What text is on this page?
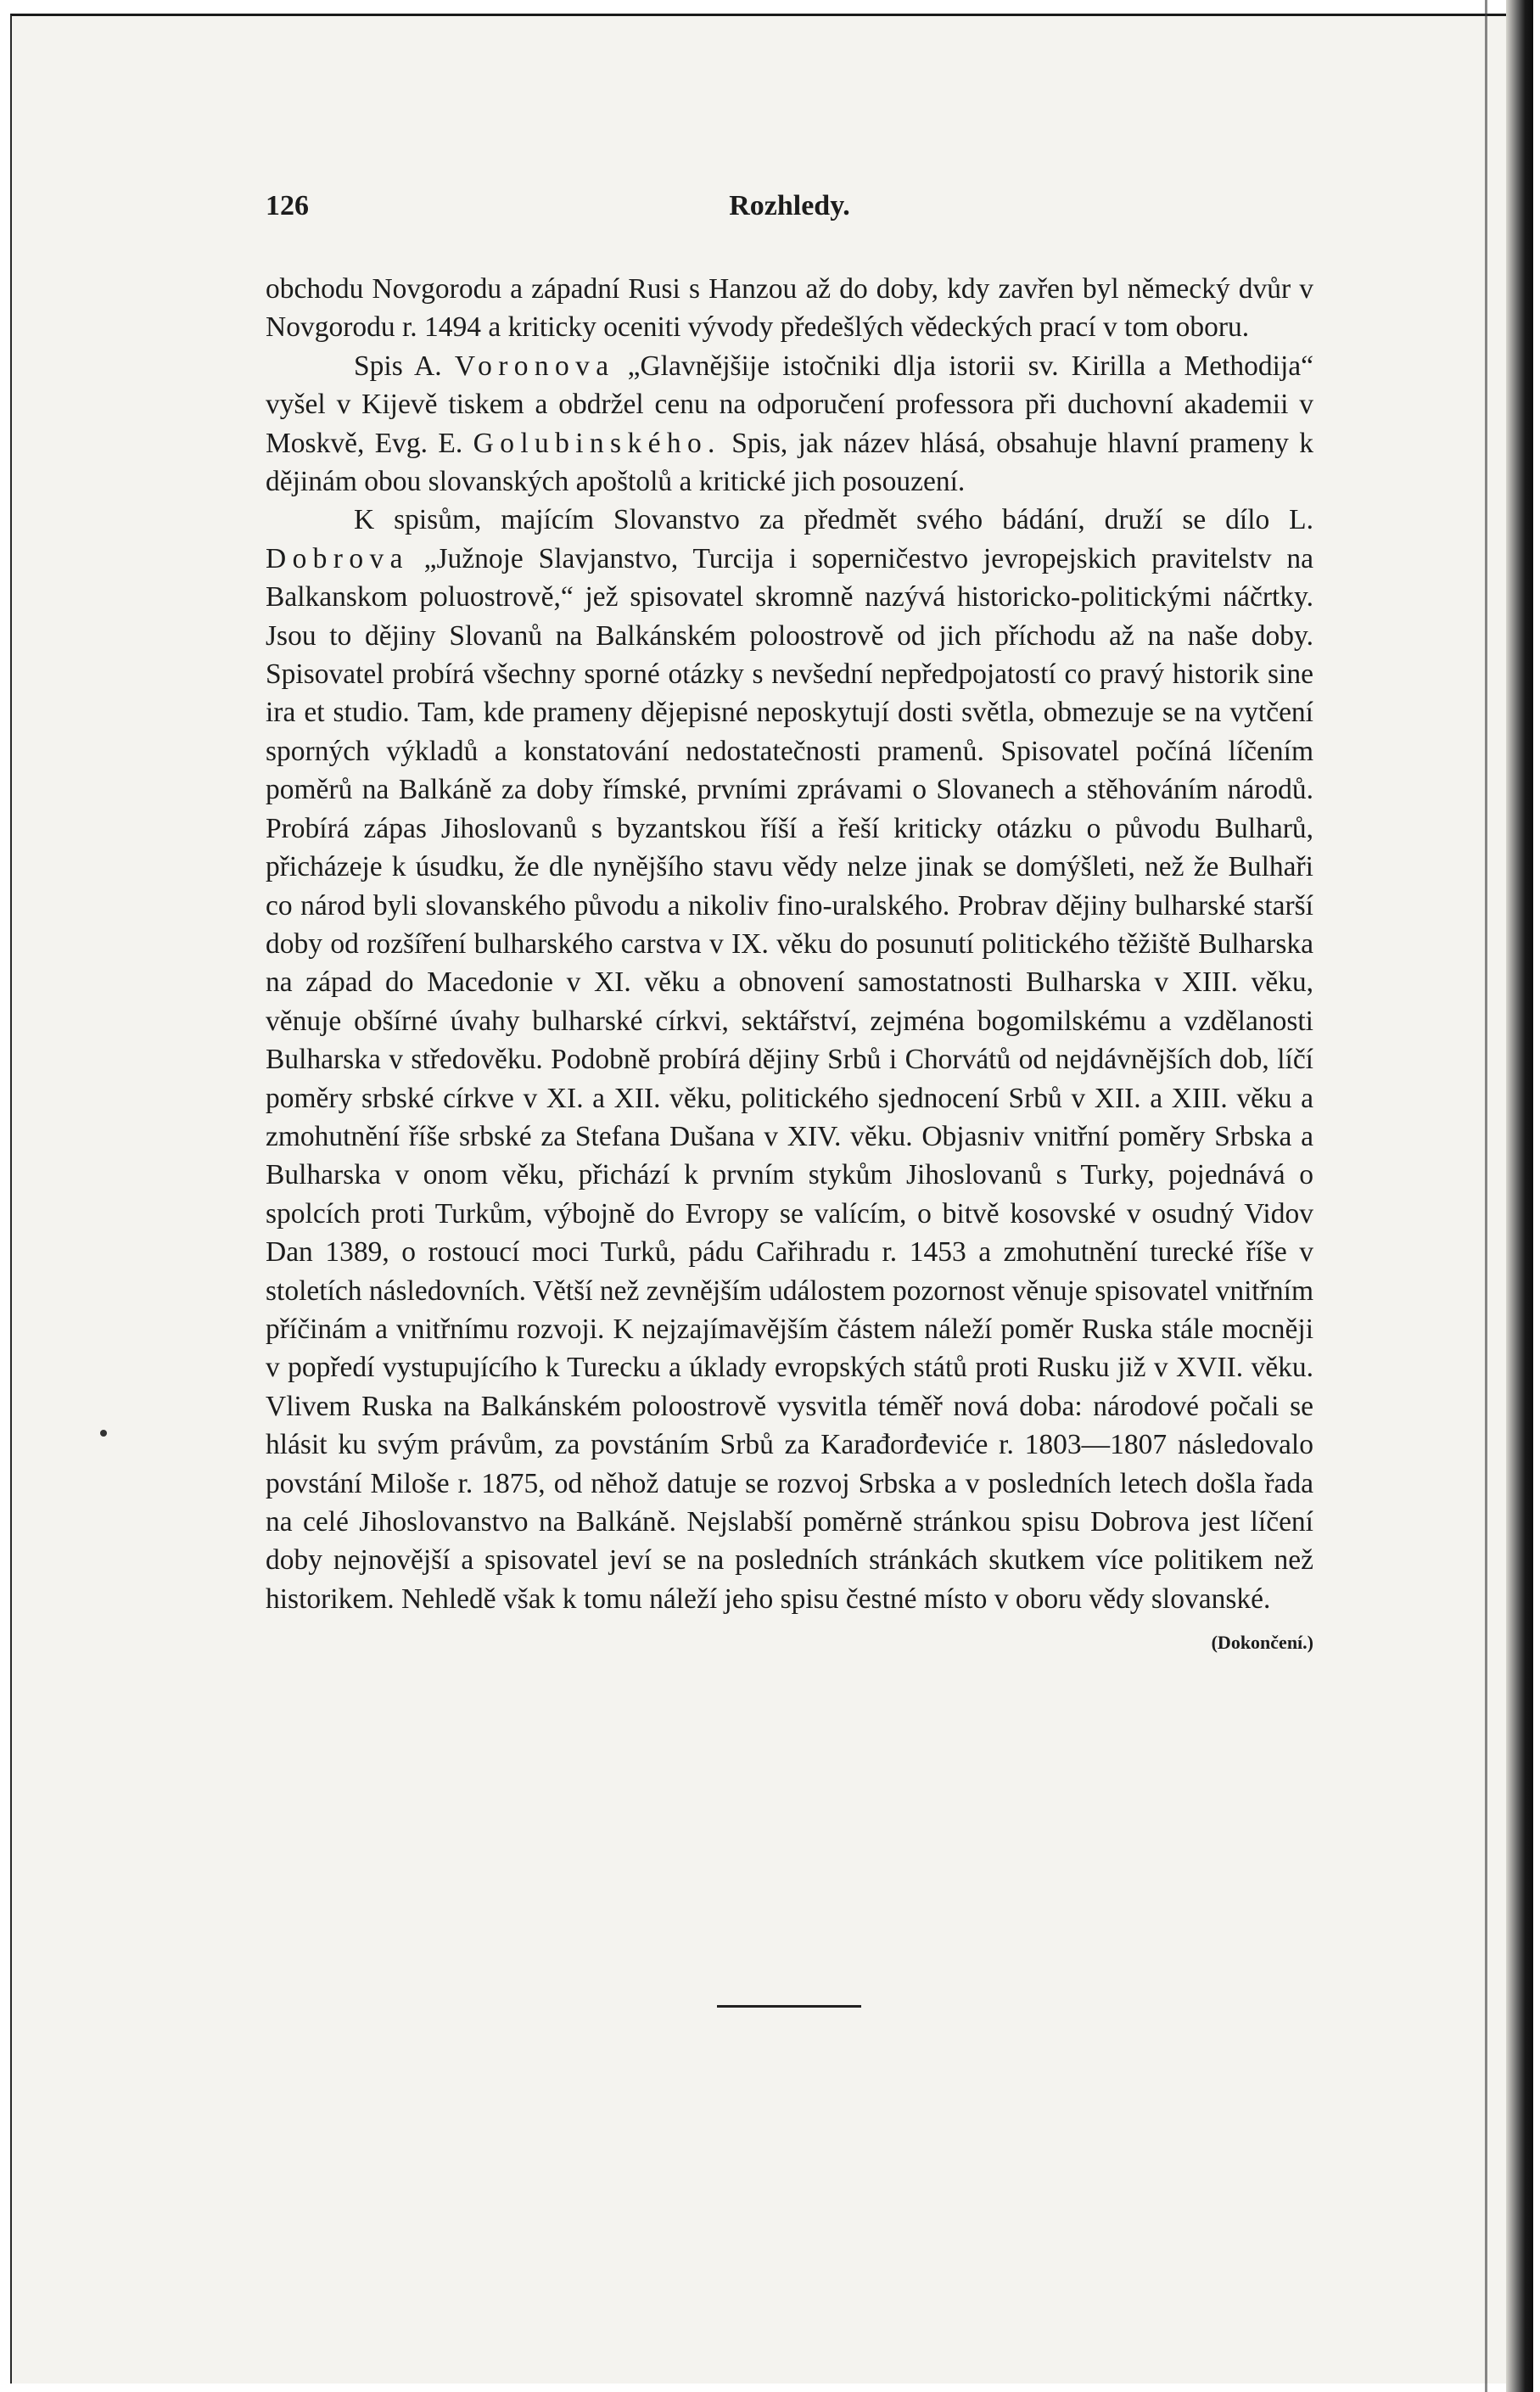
126	Rozhledy.

obchodu Novgorodu a západní Rusi s Hanzou až do doby, kdy zavřen byl německý dvůr v Novgorodu r. 1494 a kriticky oceniti vývody předešlých vědeckých prací v tom oboru.

Spis A. Voronova „Glavnějšije istočniki dlja istorii sv. Kirilla a Methodija“ vyšel v Kijevě tiskem a obdržel cenu na odporučení professora při duchovní akademii v Moskvě, Evg. E. Golubinského. Spis, jak název hlásá, obsahuje hlavní prameny k dějinám obou slovanských apoštolů a kritické jich posouzení.

K spisům, majícím Slovanstvo za předmět svého bádání, druží se dílo L. Dobrova „Južnoje Slavjanstvo, Turcija i soperničestvo jevropejskich pravitelstv na Balkanskom poluostrově,“ jež spisovatel skromně nazývá historicko-politickými náčrtky. Jsou to dějiny Slovanů na Balkánském poloostrově od jich příchodu až na naše doby. Spisovatel probírá všechny sporné otázky s nevšední nepředpojatostí co pravý historik sine ira et studio. Tam, kde prameny dějepisné neposkytují dosti světla, obmezuje se na vytčení sporných výkladů a konstatování nedostatečnosti pramenů. Spisovatel počíná líčením poměrů na Balkáně za doby římské, prvními zprávami o Slovanech a stěhováním národů. Probírá zápas Jihoslovanů s byzantskou říší a řeší kriticky otázku o původu Bulharů, přicházeje k úsudku, že dle nynějšího stavu vědy nelze jinak se domýšleti, než že Bulhaři co národ byli slovanského původu a nikoliv fino-uralského. Probrav dějiny bulharské starší doby od rozšíření bulharského carstva v IX. věku do posunutí politického těžiště Bulharska na západ do Macedonie v XI. věku a obnovení samostatnosti Bulharska v XIII. věku, věnuje obšírné úvahy bulharské církvi, sektářství, zejména bogomilskému a vzdělanosti Bulharska v středověku. Podobně probírá dějiny Srbů i Chorvátů od nejdávnějších dob, líčí poměry srbské církve v XI. a XII. věku, politického sjednocení Srbů v XII. a XIII. věku a zmohutnění říše srbské za Stefana Dušana v XIV. věku. Objasniv vnitřní poměry Srbska a Bulharska v onom věku, přichází k prvním stykům Jihoslovanů s Turky, pojednává o spolcích proti Turkům, výbojně do Evropy se valícím, o bitvě kosovské v osudný Vidov Dan 1389, o rostoucí moci Turků, pádu Cařihradu r. 1453 a zmohutnění turecké říše v stoletích následovních. Větší než zevnějším událostem pozornost věnuje spisovatel vnitřním příčinám a vnitřnímu rozvoji. K nejzajímavějším částem náleží poměr Ruska stále mocněji v popředí vystupujícího k Turecku a úklady evropských států proti Rusku již v XVII. věku. Vlivem Ruska na Balkánském poloostrově vysvitla téměř nová doba: národové počali se hlásit ku svým právům, za povstáním Srbů za Karađorđeviće r. 1803—1807 následovalo povstání Miloše r. 1875, od něhož datuje se rozvoj Srbska a v posledních letech došla řada na celé Jihoslovanstvo na Balkáně. Nejslabší poměrně stránkou spisu Dobrova jest líčení doby nejnovější a spisovatel jeví se na posledních stránkách skutkem více politikem než historikem. Nehledě však k tomu náleží jeho spisu čestné místo v oboru vědy slovanské.
(Dokončení.)
